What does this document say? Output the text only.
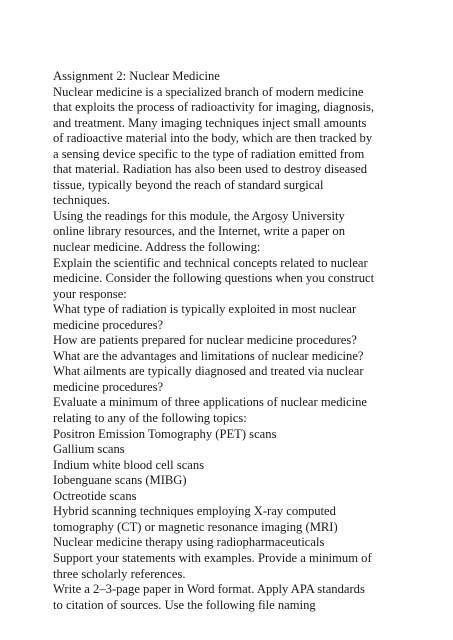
Assignment 2: Nuclear Medicine
Nuclear medicine is a specialized branch of modern medicine
that exploits the process of radioactivity for imaging, diagnosis,
and treatment. Many imaging techniques inject small amounts
of radioactive material into the body, which are then tracked by
a sensing device specific to the type of radiation emitted from
that material. Radiation has also been used to destroy diseased
tissue, typically beyond the reach of standard surgical
techniques.
Using the readings for this module, the Argosy University
online library resources, and the Internet, write a paper on
nuclear medicine. Address the following:
Explain the scientific and technical concepts related to nuclear
medicine. Consider the following questions when you construct
your response:
What type of radiation is typically exploited in most nuclear
medicine procedures?
How are patients prepared for nuclear medicine procedures?
What are the advantages and limitations of nuclear medicine?
What ailments are typically diagnosed and treated via nuclear
medicine procedures?
Evaluate a minimum of three applications of nuclear medicine
relating to any of the following topics:
Positron Emission Tomography (PET) scans
Gallium scans
Indium white blood cell scans
Iobenguane scans (MIBG)
Octreotide scans
Hybrid scanning techniques employing X-ray computed
tomography (CT) or magnetic resonance imaging (MRI)
Nuclear medicine therapy using radiopharmaceuticals
Support your statements with examples. Provide a minimum of
three scholarly references.
Write a 2–3-page paper in Word format. Apply APA standards
to citation of sources. Use the following file naming
